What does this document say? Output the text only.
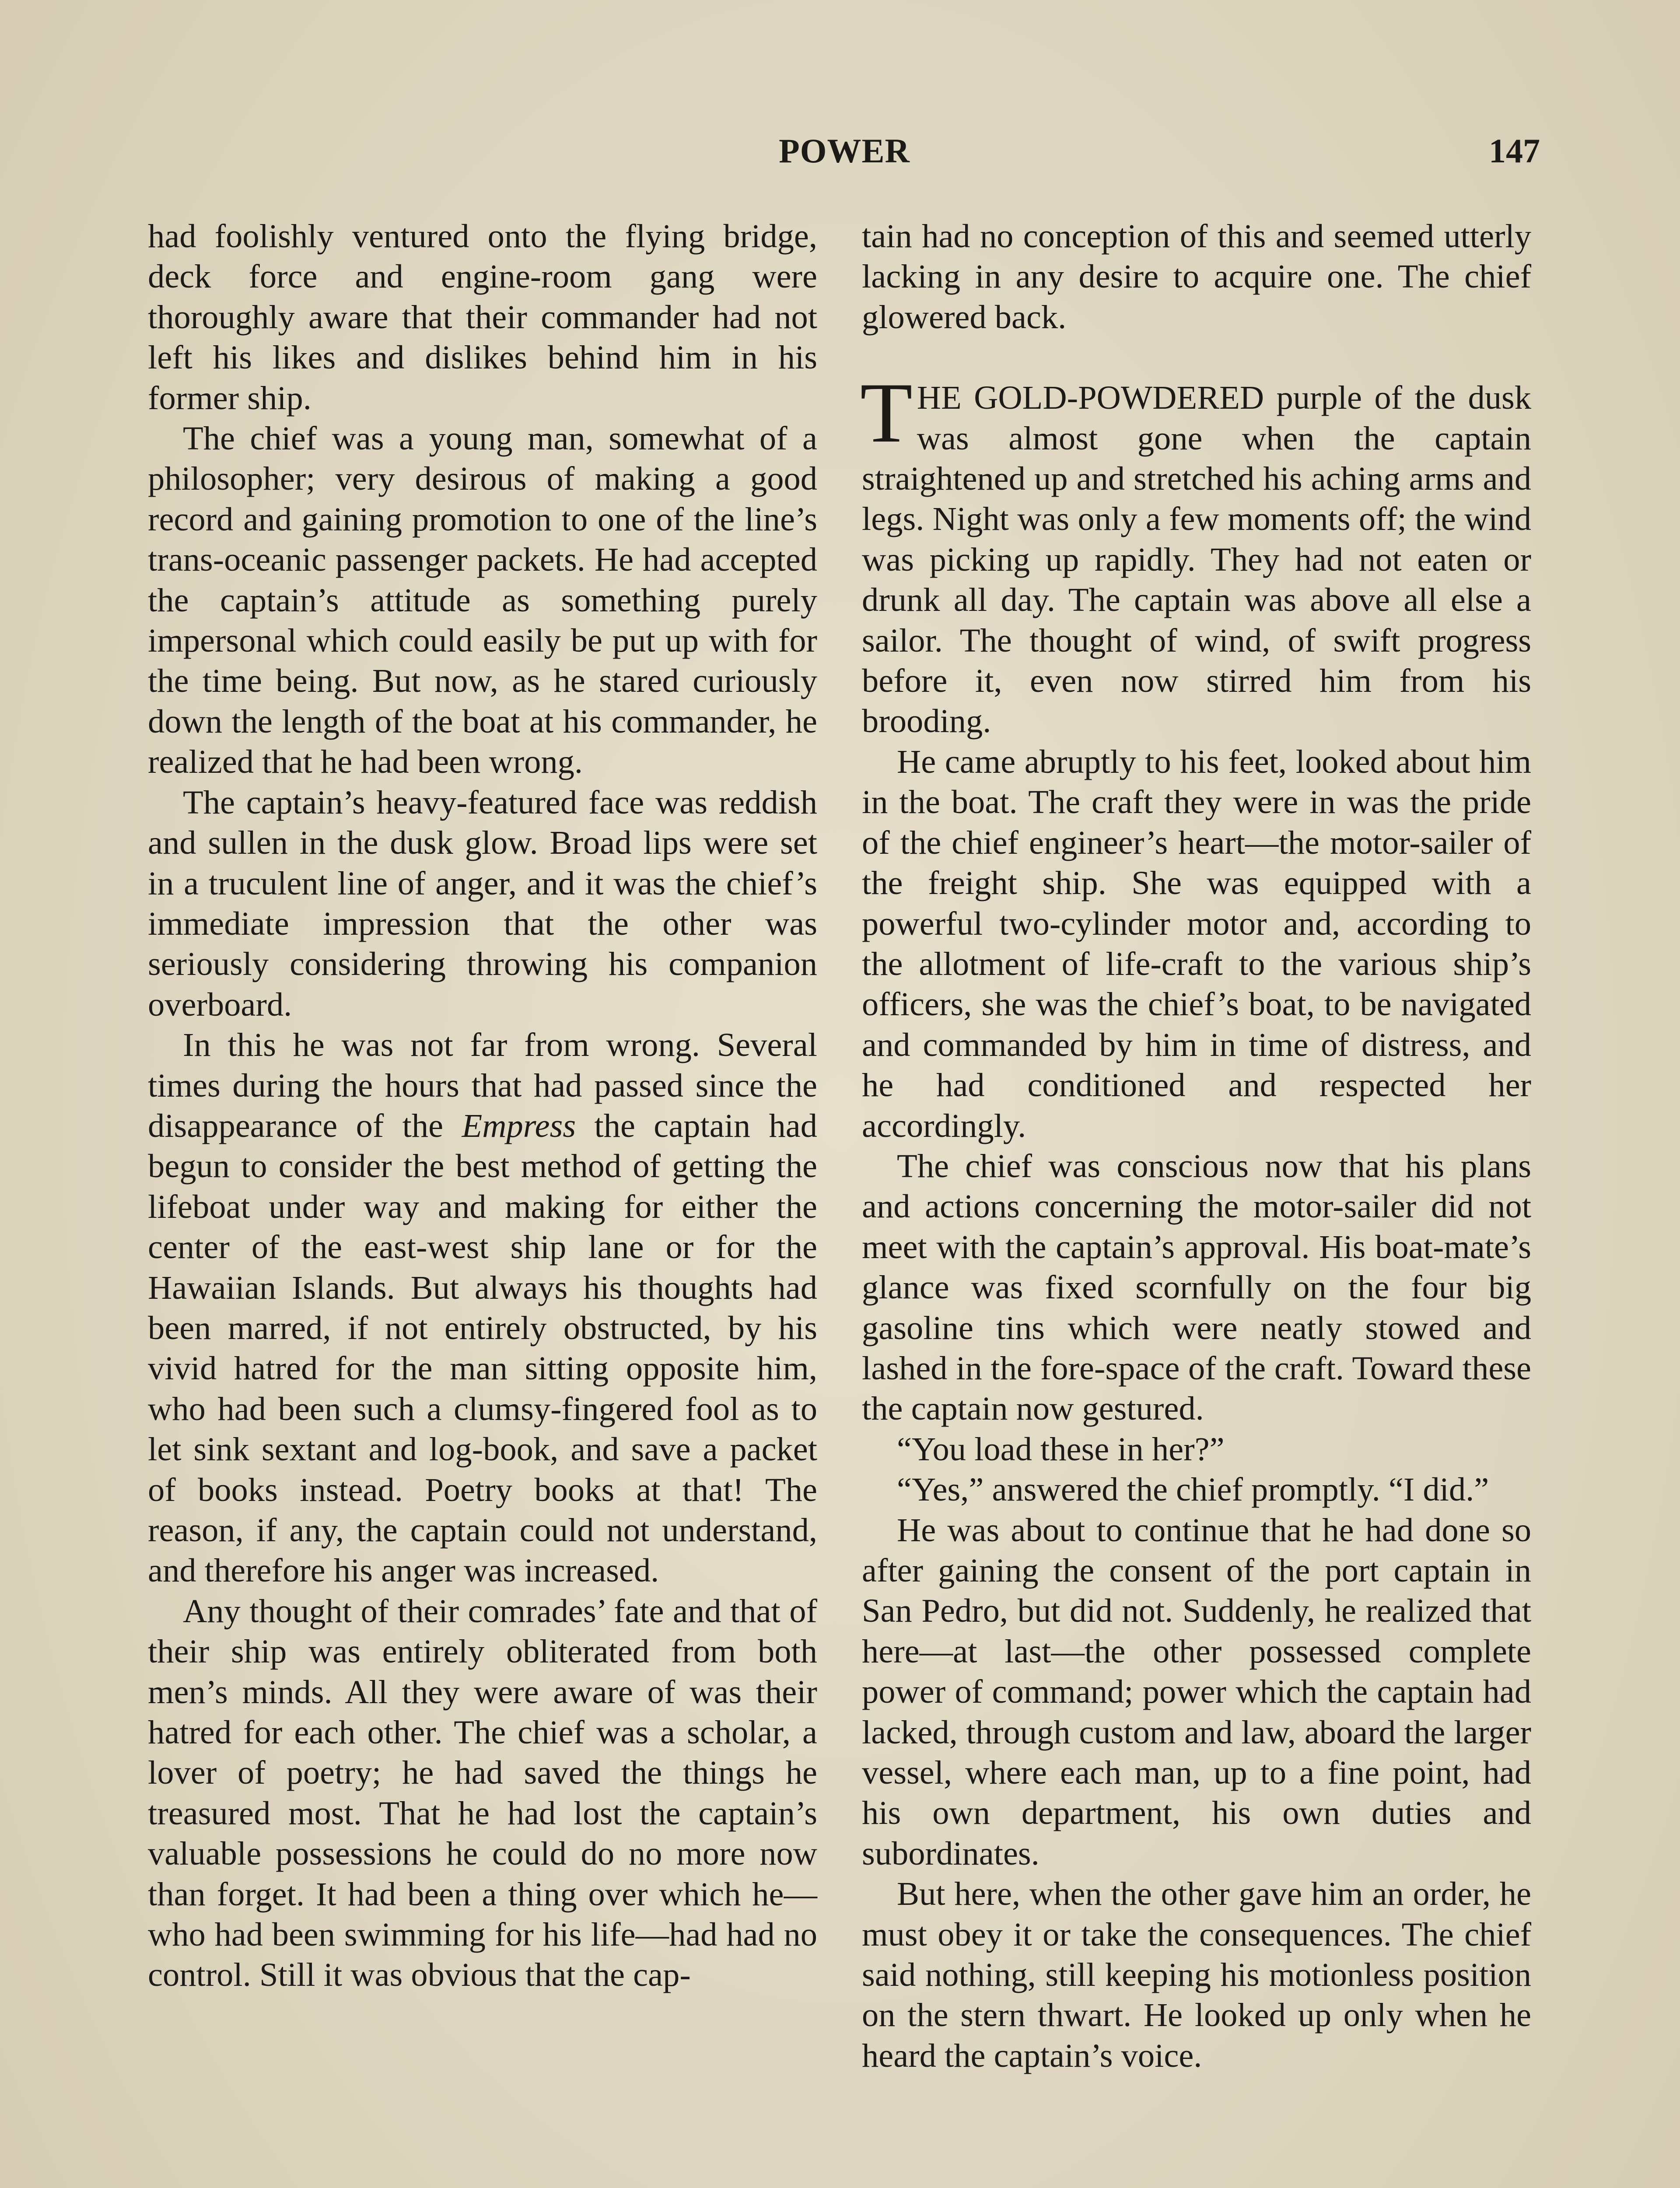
POWER	147

had foolishly ventured onto the flying bridge, deck force and engine-room gang were thoroughly aware that their commander had not left his likes and dislikes behind him in his former ship.

The chief was a young man, somewhat of a philosopher; very desirous of making a good record and gaining promotion to one of the line’s trans-oceanic passenger packets. He had accepted the captain’s attitude as something purely impersonal which could easily be put up with for the time being. But now, as he stared curiously down the length of the boat at his commander, he realized that he had been wrong.

The captain’s heavy-featured face was reddish and sullen in the dusk glow. Broad lips were set in a truculent line of anger, and it was the chief’s immediate impression that the other was seriously considering throwing his companion overboard.

In this he was not far from wrong. Several times during the hours that had passed since the disappearance of the Empress the captain had begun to consider the best method of getting the lifeboat under way and making for either the center of the east-west ship lane or for the Hawaiian Islands. But always his thoughts had been marred, if not entirely obstructed, by his vivid hatred for the man sitting opposite him, who had been such a clumsy-fingered fool as to let sink sextant and log-book, and save a packet of books instead. Poetry books at that! The reason, if any, the captain could not understand, and therefore his anger was increased.

Any thought of their comrades’ fate and that of their ship was entirely obliterated from both men’s minds. All they were aware of was their hatred for each other. The chief was a scholar, a lover of poetry; he had saved the things he treasured most. That he had lost the captain’s valuable possessions he could do no more now than forget. It had been a thing over which he—who had been swimming for his life—had had no control. Still it was obvious that the cap-

tain had no conception of this and seemed utterly lacking in any desire to acquire one. The chief glowered back.

THE GOLD-POWDERED purple of the dusk was almost gone when the captain straightened up and stretched his aching arms and legs. Night was only a few moments off; the wind was picking up rapidly. They had not eaten or drunk all day. The captain was above all else a sailor. The thought of wind, of swift progress before it, even now stirred him from his brooding.

He came abruptly to his feet, looked about him in the boat. The craft they were in was the pride of the chief engineer’s heart—the motor-sailer of the freight ship. She was equipped with a powerful two-cylinder motor and, according to the allotment of life-craft to the various ship’s officers, she was the chief’s boat, to be navigated and commanded by him in time of distress, and he had conditioned and respected her accordingly.

The chief was conscious now that his plans and actions concerning the motor-sailer did not meet with the captain’s approval. His boat-mate’s glance was fixed scornfully on the four big gasoline tins which were neatly stowed and lashed in the fore-space of the craft. Toward these the captain now gestured.

“You load these in her?”

“Yes,” answered the chief promptly. “I did.”

He was about to continue that he had done so after gaining the consent of the port captain in San Pedro, but did not. Suddenly, he realized that here—at last—the other possessed complete power of command; power which the captain had lacked, through custom and law, aboard the larger vessel, where each man, up to a fine point, had his own department, his own duties and subordinates.

But here, when the other gave him an order, he must obey it or take the consequences. The chief said nothing, still keeping his motionless position on the stern thwart. He looked up only when he heard the captain’s voice.
